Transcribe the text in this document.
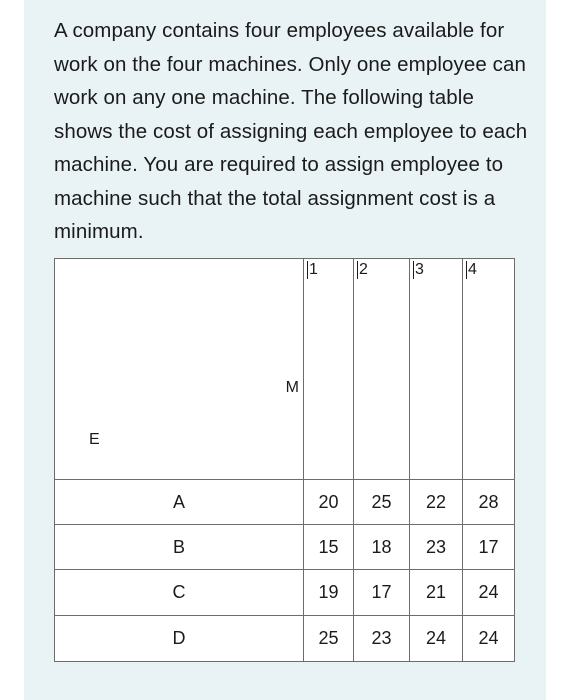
A company contains four employees available for work on the four machines. Only one employee can work on any one machine. The following table shows the cost of assigning each employee to each machine. You are required to assign employee to machine such that the total assignment cost is a minimum.

M
E	1	2	3	4
A	20	25	22	28
B	15	18	23	17
C	19	17	21	24
D	25	23	24	24
